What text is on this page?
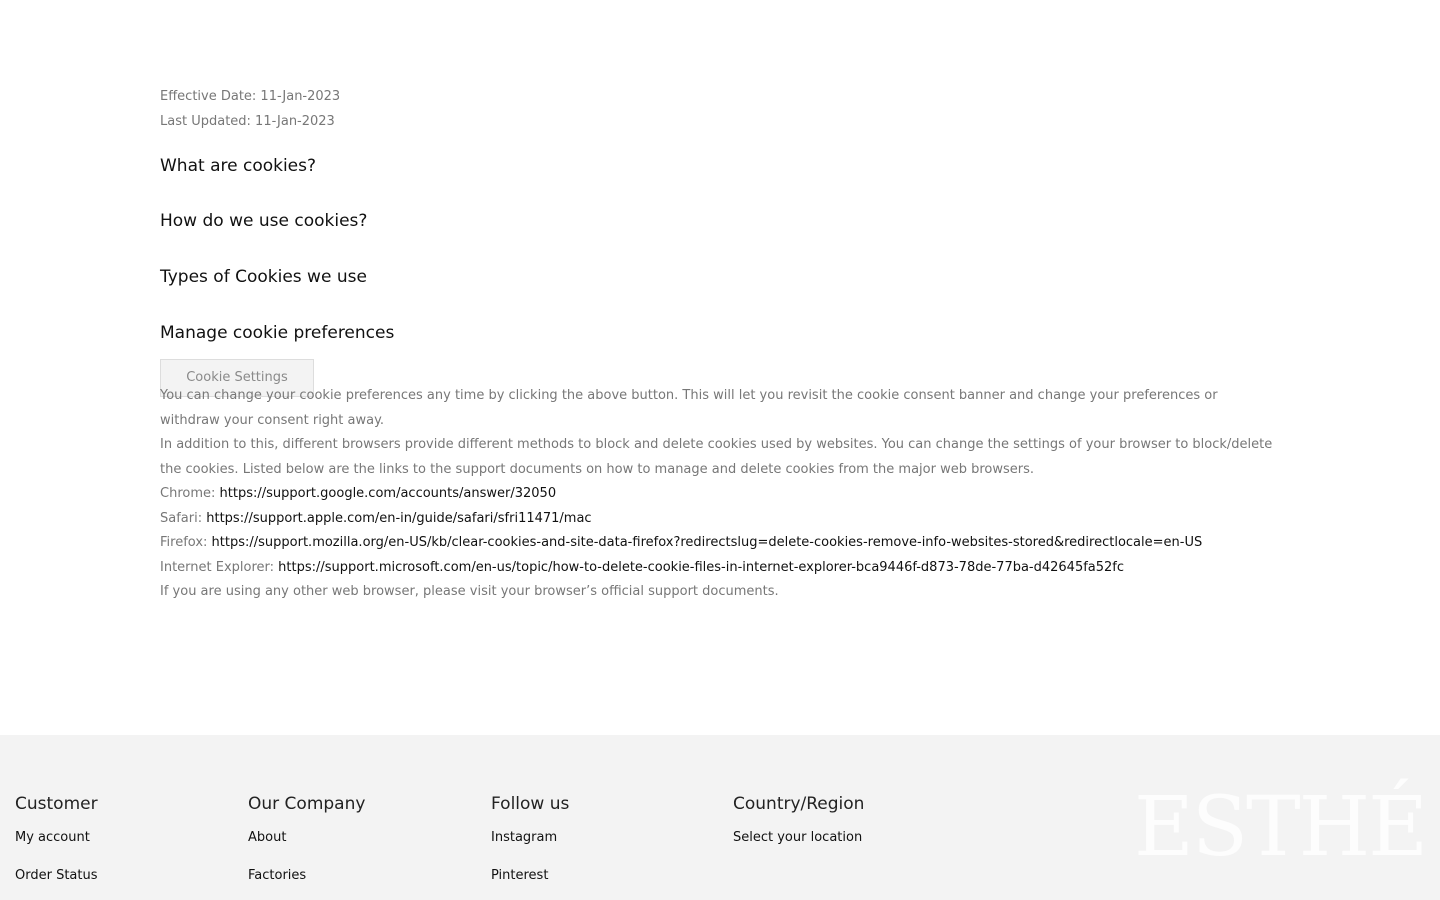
Effective Date: 11-Jan-2023

Last Updated: 11-Jan-2023

What are cookies?
How do we use cookies?
Types of Cookies we use
Manage cookie preferences
Cookie Settings

You can change your cookie preferences any time by clicking the above button. This will let you revisit the cookie consent banner and change your preferences or withdraw your consent right away.

In addition to this, different browsers provide different methods to block and delete cookies used by websites. You can change the settings of your browser to block/delete the cookies. Listed below are the links to the support documents on how to manage and delete cookies from the major web browsers.

Chrome: https://support.google.com/accounts/answer/32050

Safari: https://support.apple.com/en-in/guide/safari/sfri11471/mac

Firefox: https://support.mozilla.org/en-US/kb/clear-cookies-and-site-data-firefox?redirectslug=delete-cookies-remove-info-websites-stored&redirectlocale=en-US

Internet Explorer: https://support.microsoft.com/en-us/topic/how-to-delete-cookie-files-in-internet-explorer-bca9446f-d873-78de-77ba-d42645fa52fc

If you are using any other web browser, please visit your browser’s official support documents.

Customer
My account
Order Status
Our Company
About
Factories
Follow us
Instagram
Pinterest
Country/Region
Select your location	ESTHÉ
